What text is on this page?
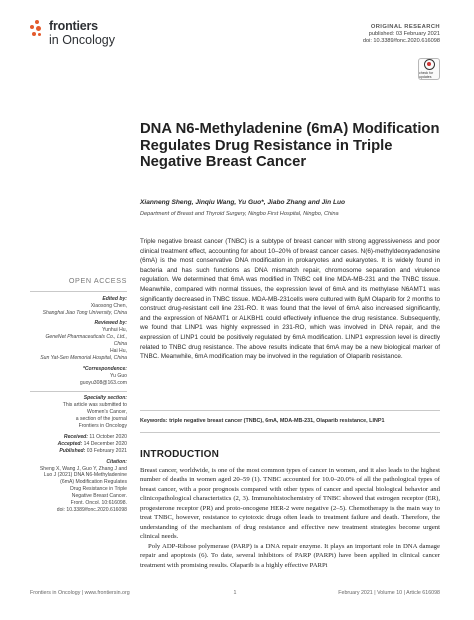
frontiers
in Oncology
ORIGINAL RESEARCH
published: 03 February 2021
doi: 10.3389/fonc.2020.616098
check for updates
DNA N6-Methyladenine (6mA) Modification Regulates Drug Resistance in Triple Negative Breast Cancer
Xianneng Sheng, Jinqiu Wang, Yu Guo*, Jiabo Zhang and Jin Luo
Department of Breast and Thyroid Surgery, Ningbo First Hospital, Ningbo, China
Triple negative breast cancer (TNBC) is a subtype of breast cancer with strong aggressiveness and poor clinical treatment effect, accounting for about 10–20% of breast cancer cases. N(6)-methyldeoxyadenosine (6mA) is the most conservative DNA modification in prokaryotes and eukaryotes. It is widely found in bacteria and has such functions as DNA mismatch repair, chromosome separation and virulence regulation. We determined that 6mA was modified in TNBC cell line MDA-MB-231 and the TNBC tissue. Meanwhile, compared with normal tissues, the expression level of 6mA and its methylase N6AMT1 was significantly decreased in TNBC tissue. MDA-MB-231cells were cultured with 8μM Olaparib for 2 months to construct drug-resistant cell line 231-RO. It was found that the level of 6mA also increased significantly, and the expression of N6AMT1 or ALKBH1 could effectively influence the drug resistance. Subsequently, we found that LINP1 was highly expressed in 231-RO, which was involved in DNA repair, and the expression of LINP1 could be positively regulated by 6mA modification. LINP1 expression level is directly related to TNBC drug resistance. The above results indicate that 6mA may be a new biological marker of TNBC. Meanwhile, 6mA modification may be involved in the regulation of Olaparib resistance.
Keywords: triple negative breast cancer (TNBC), 6mA, MDA-MB-231, Olaparib resistance, LINP1
OPEN ACCESS
Edited by:
Xiaosong Chen,
Shanghai Jiao Tong University, China
Reviewed by:
Yunhui Hu,
GeneNet Pharmaceuticals Co., Ltd.,
China
Hai Hu,
Sun Yat-Sen Memorial Hospital, China
*Correspondence:
Yu Guo
guoyu308@163.com
Specialty section:
This article was submitted to
Women's Cancer,
a section of the journal
Frontiers in Oncology
Received: 11 October 2020
Accepted: 14 December 2020
Published: 03 February 2021
Citation:
Sheng X, Wang J, Guo Y, Zhang J and
Luo J (2021) DNA N6-Methyladenine
(6mA) Modification Regulates
Drug Resistance in Triple
Negative Breast Cancer.
Front. Oncol. 10:616098.
doi: 10.3389/fonc.2020.616098
INTRODUCTION

Breast cancer, worldwide, is one of the most common types of cancer in women, and it also leads to the highest number of deaths in women aged 20–59 (1). TNBC accounted for 10.0–20.0% of all the pathological types of breast cancer, with a poor prognosis compared with other types of cancer and special biological behavior and clinicopathological characteristics (2, 3). Immunohistochemistry of TNBC showed that estrogen receptor (ER), progesterone receptor (PR) and proto-oncogene HER-2 were negative (2–5). Chemotherapy is the main way to treat TNBC, however, resistance to cytotoxic drugs often leads to treatment failure and death. Therefore, the understanding of the mechanism of drug resistance and effective new treatment strategies become urgent clinical needs.

Poly ADP-Ribose polymerase (PARP) is a DNA repair enzyme. It plays an important role in DNA damage repair and apoptosis (6). To date, several inhibitors of PARP (PARPi) have been applied in clinical cancer treatment with promising results. Olaparib is a highly effective PARPi

Frontiers in Oncology | www.frontiersin.org	1	February 2021 | Volume 10 | Article 616098
